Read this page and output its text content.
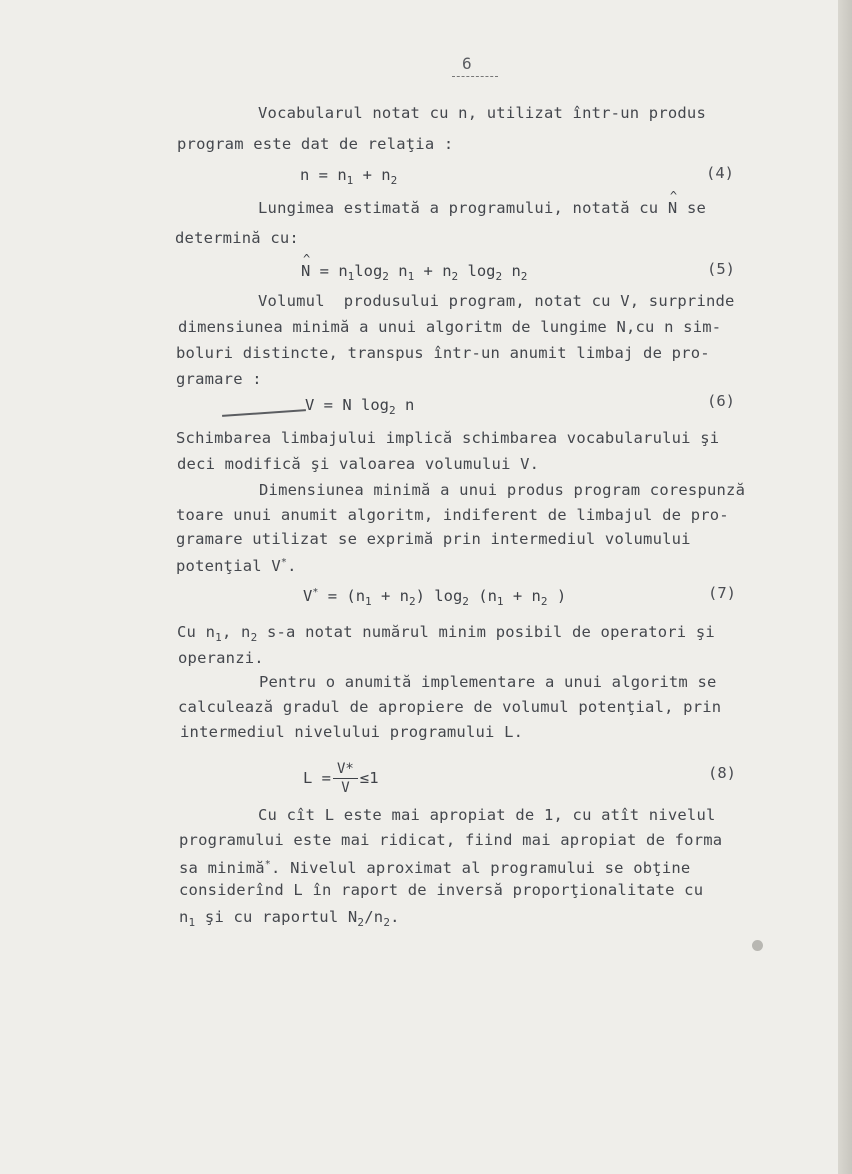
6
Vocabularul notat cu n, utilizat într-un produs
program este dat de relaţia :
$n = n_1 + n_2$	(4)
Lungimea estimată a programului, notată cu ^ N se
determină cu:
^ $N = n_1\log_2$ $n_1 + n_2$ $\log_2 n_2$	(5)
Volumul  produsului program, notat cu V, surprinde
dimensiunea minimă a unui algoritm de lungime N,cu n sim-
boluri distincte, transpus într-un anumit limbaj de pro-
gramare :
V = N $\log_2 n$	(6)
Schimbarea limbajului implică schimbarea vocabularului şi
deci modifică şi valoarea volumului V.
Dimensiunea minimă a unui produs program corespunză
toare unui anumit algoritm, indiferent de limbajul de pro-
gramare utilizat se exprimă prin intermediul volumului
potenţial V*.
$V^* = (n_1 + n_2)$ $\log_2 (n_1 + n_2$ )	(7)
Cu $n_1$, $n_2$ s-a notat numărul minim posibil de operatori şi
operanzi.
Pentru o anumită implementare a unui algoritm se
calculează gradul de apropiere de volumul potenţial, prin
intermediul nivelului programului L.
$L = \frac{V*}{V} \le 1$	(8)
Cu cît L este mai apropiat de 1, cu atît nivelul
programului este mai ridicat, fiind mai apropiat de forma
sa minimă*. Nivelul aproximat al programului se obţine
considerînd L în raport de inversă proporţionalitate cu
$n_1$ şi cu raportul $N_2/n_2$.
